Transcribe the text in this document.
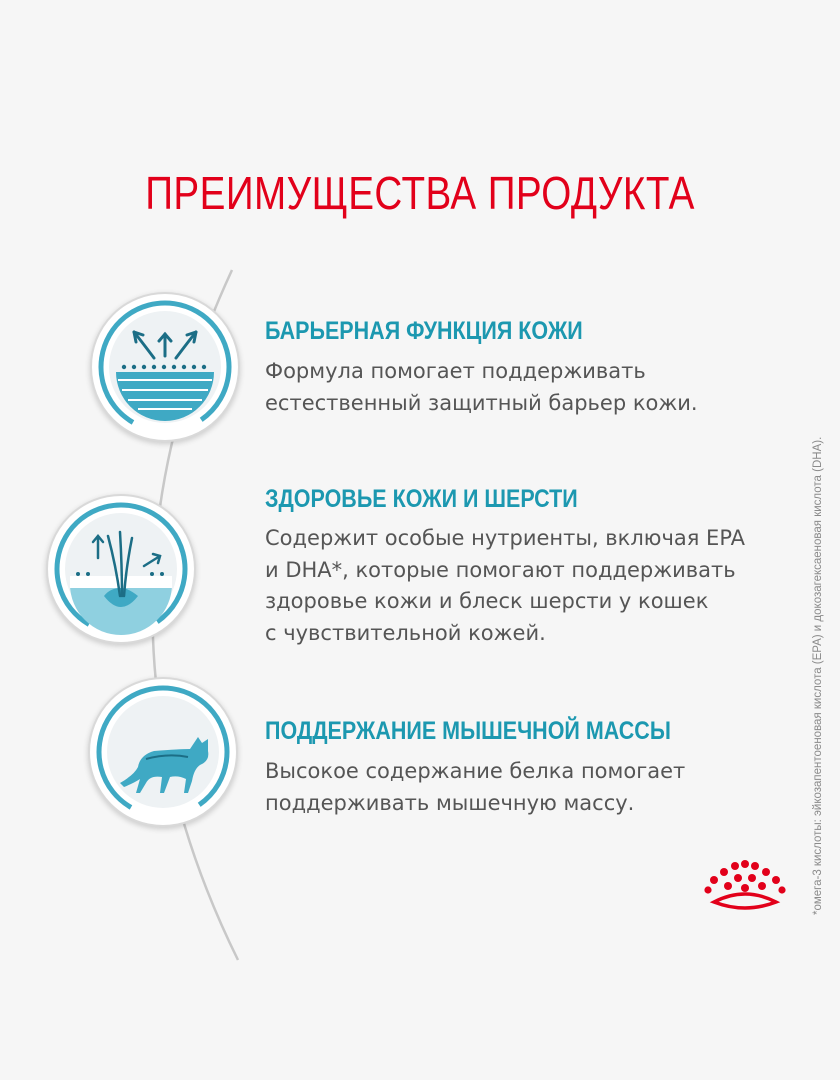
ПРЕИМУЩЕСТВА ПРОДУКТА
БАРЬЕРНАЯ ФУНКЦИЯ КОЖИ

Формула помогает поддерживать
естественный защитный барьер кожи.

ЗДОРОВЬЕ КОЖИ И ШЕРСТИ

Содержит особые нутриенты, включая EPA
и DHA*, которые помогают поддерживать
здоровье кожи и блеск шерсти у кошек
с чувствительной кожей.

ПОДДЕРЖАНИЕ МЫШЕЧНОЙ МАССЫ

Высокое содержание белка помогает
поддерживать мышечную массу.	*омега-3 кислоты: эйкозапентоеновая кислота (EPA) и докозагексаеновая кислота (DHA).
